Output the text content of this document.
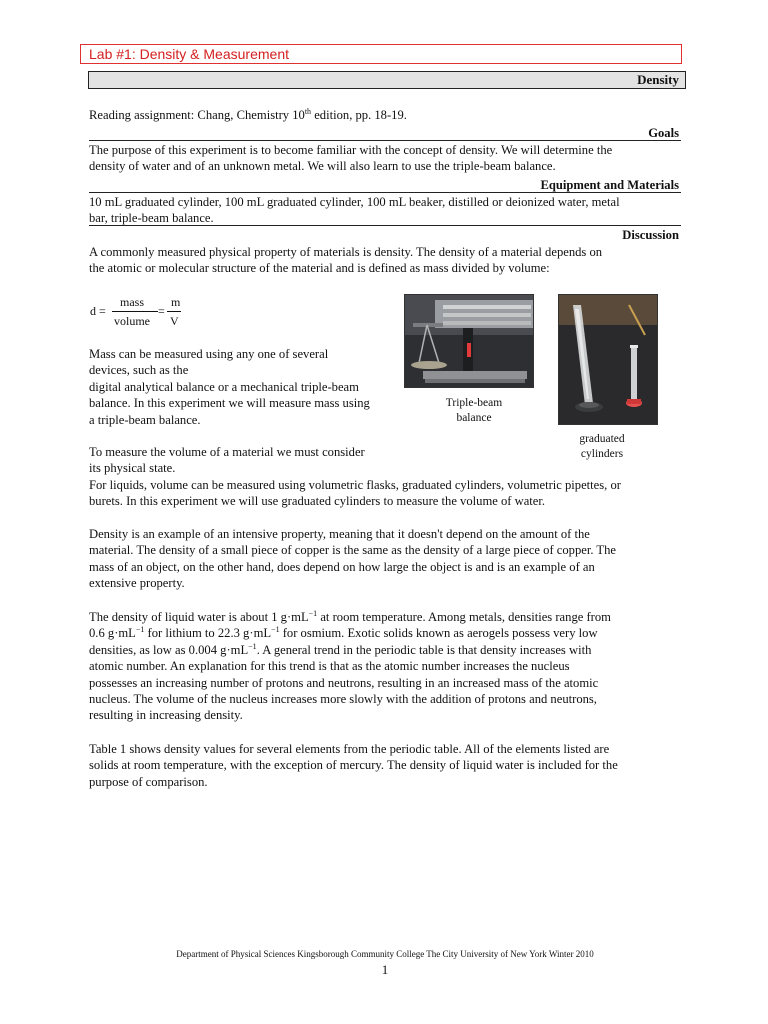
Lab #1: Density & Measurement
Density
Reading assignment: Chang, Chemistry 10th edition, pp. 18-19.
Goals
The purpose of this experiment is to become familiar with the concept of density. We will determine the
density of water and of an unknown metal. We will also learn to use the triple-beam balance.
Equipment and Materials
10 mL graduated cylinder, 100 mL graduated cylinder, 100 mL beaker, distilled or deionized water, metal
bar, triple-beam balance.
Discussion
A commonly measured physical property of materials is density. The density of a material depends on
the atomic or molecular structure of the material and is defined as mass divided by volume:
d =
mass
volume
=
m
V
Mass can be measured using any one of several
devices, such as the
digital analytical balance or a mechanical triple-beam
balance. In this experiment we will measure mass using
a triple-beam balance.
Triple-beam
balance
graduated
cylinders
To measure the volume of a material we must consider
its physical state.
For liquids, volume can be measured using volumetric flasks, graduated cylinders, volumetric pipettes, or
burets. In this experiment we will use graduated cylinders to measure the volume of water.
Density is an example of an intensive property, meaning that it doesn't depend on the amount of the
material. The density of a small piece of copper is the same as the density of a large piece of copper. The
mass of an object, on the other hand, does depend on how large the object is and is an example of an
extensive property.
The density of liquid water is about 1 $g\cdot mL^{-1}$ at room temperature. Among metals, densities range from
0.6 $g\cdot mL^{-1}$ for lithium to 22.3 $g\cdot mL^{-1}$ for osmium. Exotic solids known as aerogels possess very low
densities, as low as 0.004 $g\cdot mL^{-1}$. A general trend in the periodic table is that density increases with
atomic number. An explanation for this trend is that as the atomic number increases the nucleus
possesses an increasing number of protons and neutrons, resulting in an increased mass of the atomic
nucleus. The volume of the nucleus increases more slowly with the addition of protons and neutrons,
resulting in increasing density.
Table 1 shows density values for several elements from the periodic table. All of the elements listed are
solids at room temperature, with the exception of mercury. The density of liquid water is included for the
purpose of comparison.
Department of Physical Sciences Kingsborough Community College The City University of New York Winter 2010
1
